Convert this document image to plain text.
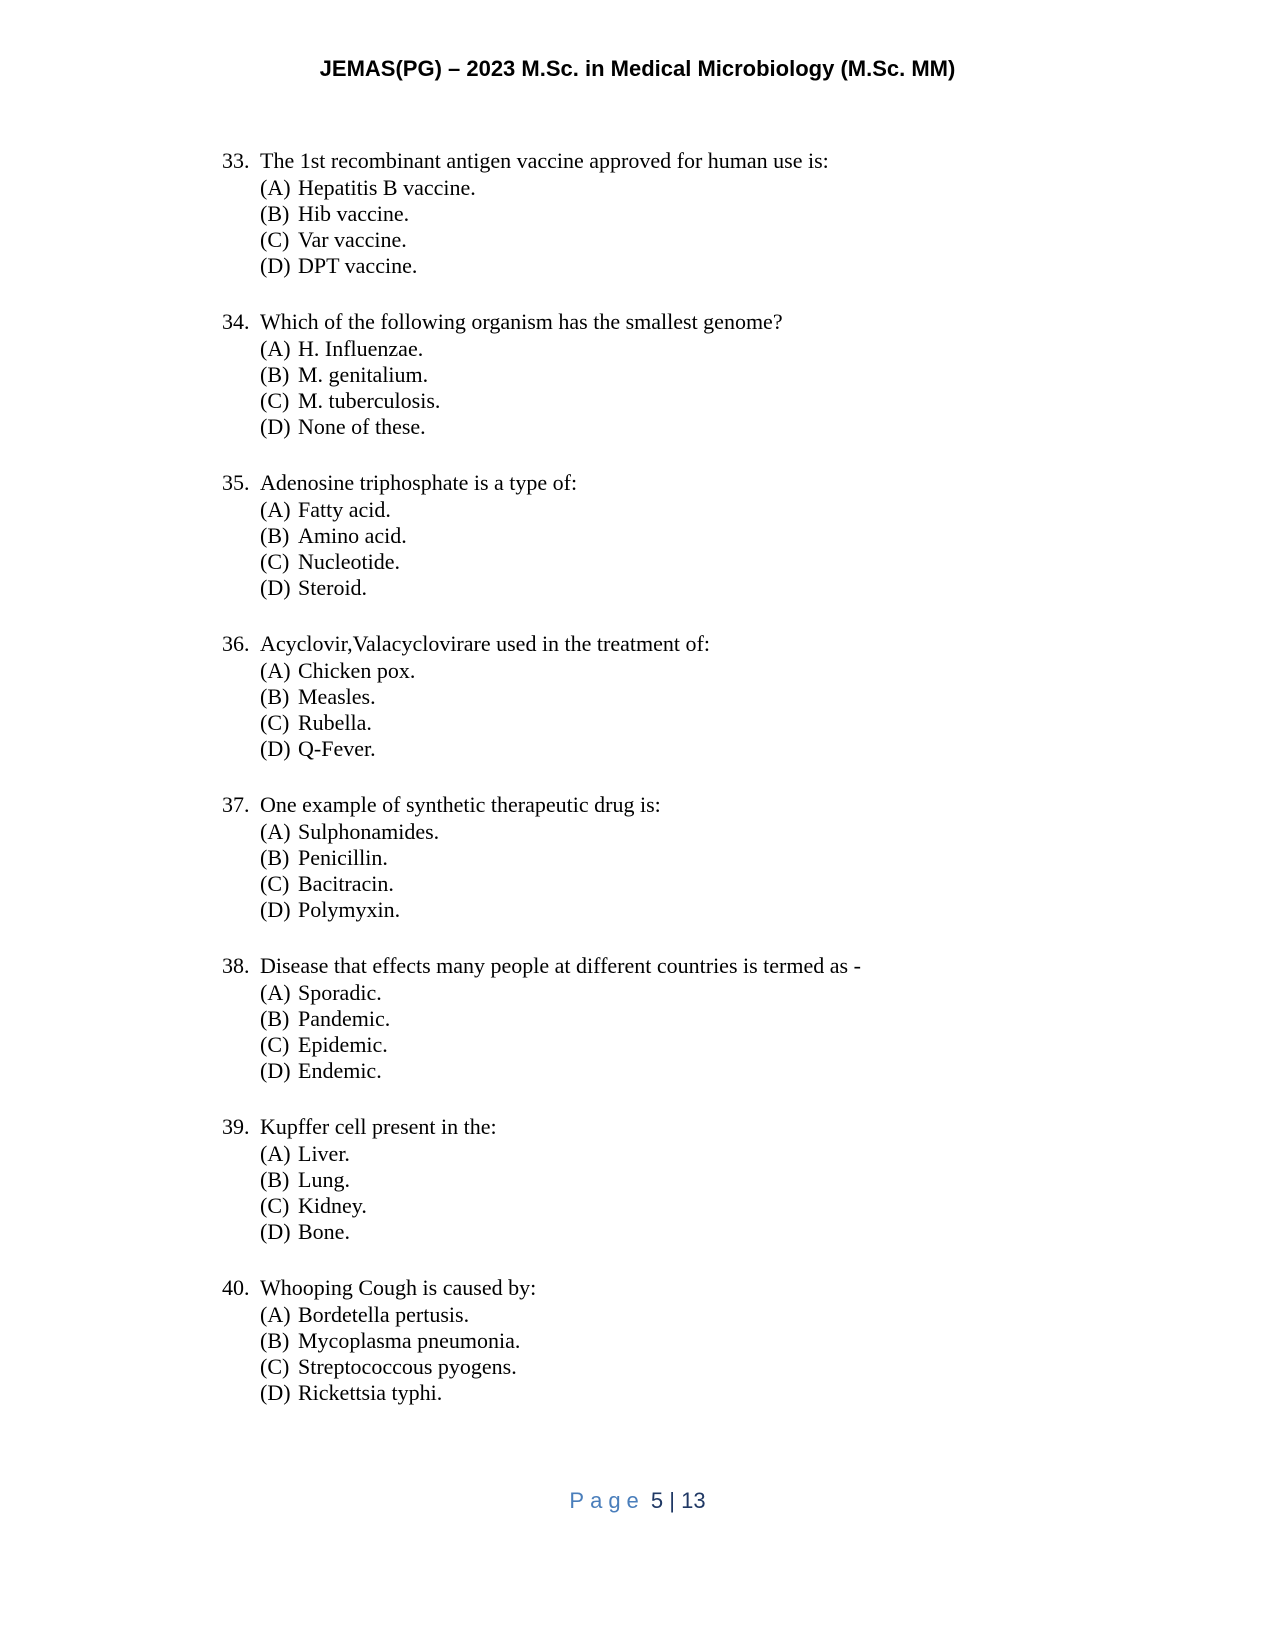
JEMAS(PG) – 2023 M.Sc. in Medical Microbiology (M.Sc. MM)
33. The 1st recombinant antigen vaccine approved for human use is:
(A) Hepatitis B vaccine.
(B) Hib vaccine.
(C) Var vaccine.
(D) DPT vaccine.
34. Which of the following organism has the smallest genome?
(A) H. Influenzae.
(B) M. genitalium.
(C) M. tuberculosis.
(D) None of these.
35. Adenosine triphosphate is a type of:
(A) Fatty acid.
(B) Amino acid.
(C) Nucleotide.
(D) Steroid.
36. Acyclovir,Valacyclovirare used in the treatment of:
(A) Chicken pox.
(B) Measles.
(C) Rubella.
(D) Q-Fever.
37. One example of synthetic therapeutic drug is:
(A) Sulphonamides.
(B) Penicillin.
(C) Bacitracin.
(D) Polymyxin.
38. Disease that effects many people at different countries is termed as -
(A) Sporadic.
(B) Pandemic.
(C) Epidemic.
(D) Endemic.
39. Kupffer cell present in the:
(A) Liver.
(B) Lung.
(C) Kidney.
(D) Bone.
40. Whooping Cough is caused by:
(A) Bordetella pertusis.
(B) Mycoplasma pneumonia.
(C) Streptococcous pyogens.
(D) Rickettsia typhi.
Page 5 | 13
